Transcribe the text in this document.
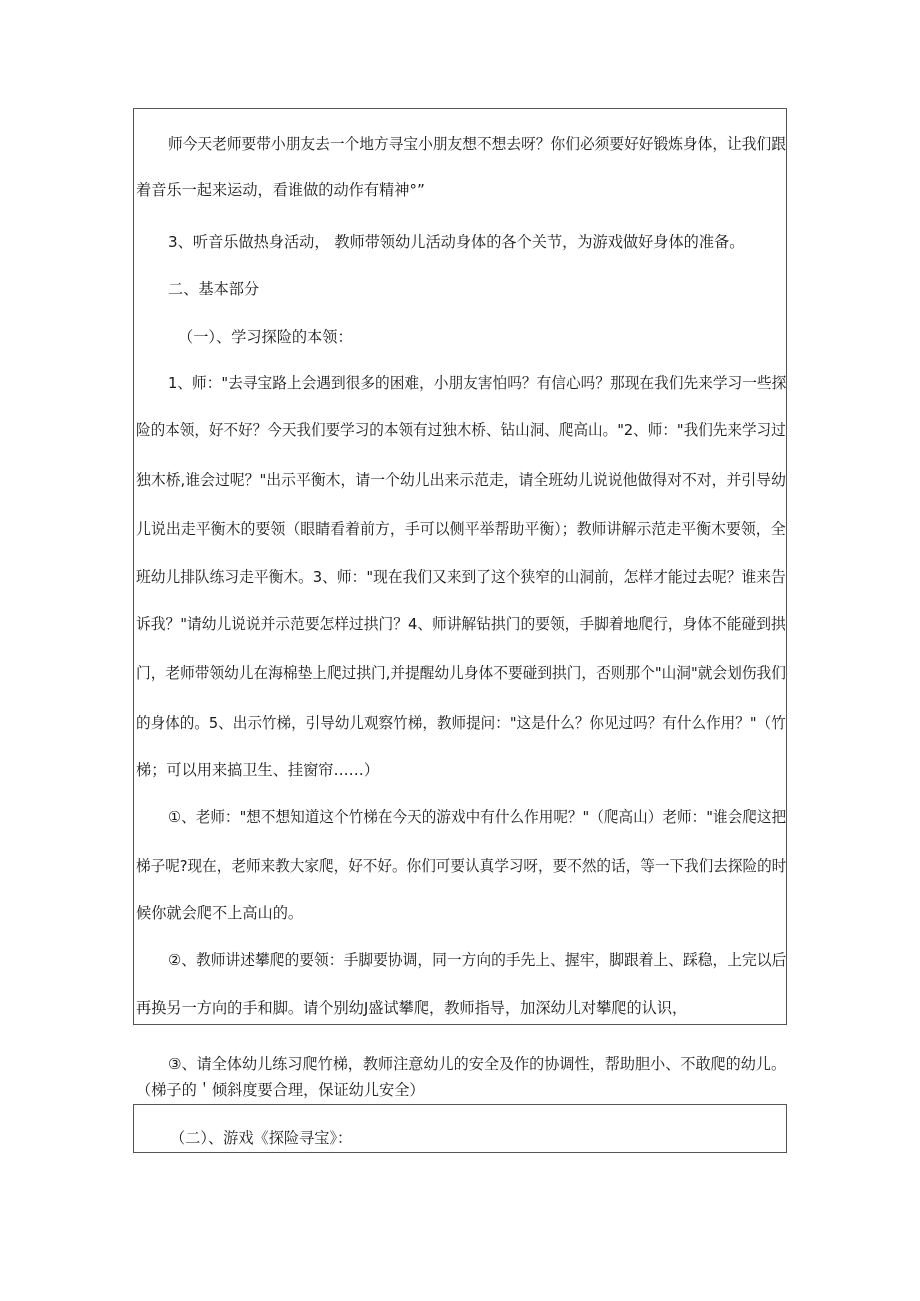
师今天老师要带小朋友去一个地方寻宝小朋友想不想去呀？你们必须要好好锻炼身体，让我们跟
着音乐一起来运动，看谁做的动作有精神°”
3、听音乐做热身活动， 教师带领幼儿活动身体的各个关节，为游戏做好身体的准备。
二、基本部分
（一）、学习探险的本领：
1、师："去寻宝路上会遇到很多的困难，小朋友害怕吗？有信心吗？那现在我们先来学习一些探
险的本领，好不好？今天我们要学习的本领有过独木桥、钻山洞、爬高山。"2、师："我们先来学习过
独木桥,谁会过呢？"出示平衡木，请一个幼儿出来示范走，请全班幼儿说说他做得对不对，并引导幼
儿说出走平衡木的要领（眼睛看着前方，手可以侧平举帮助平衡）；教师讲解示范走平衡木要领，全
班幼儿排队练习走平衡木。3、师："现在我们又来到了这个狭窄的山洞前，怎样才能过去呢？谁来告
诉我？"请幼儿说说并示范要怎样过拱门？4、师讲解钻拱门的要领，手脚着地爬行，身体不能碰到拱
门，老师带领幼儿在海棉垫上爬过拱门,并提醒幼儿身体不要碰到拱门，否则那个"山洞"就会划伤我们
的身体的。5、出示竹梯，引导幼儿观察竹梯，教师提问："这是什么？你见过吗？有什么作用？"（竹
梯；可以用来搞卫生、挂窗帘……）
①、老师："想不想知道这个竹梯在今天的游戏中有什么作用呢？"（爬高山）老师："谁会爬这把
梯子呢?现在，老师来教大家爬，好不好。你们可要认真学习呀，要不然的话，等一下我们去探险的时
候你就会爬不上高山的。
②、教师讲述攀爬的要领：手脚要协调，同一方向的手先上、握牢，脚跟着上、踩稳，上完以后
再换另一方向的手和脚。请个别幼J盛试攀爬，教师指导，加深幼儿对攀爬的认识，
③、请全体幼儿练习爬竹梯，教师注意幼儿的安全及作的协调性，帮助胆小、不敢爬的幼儿。
（梯子的＇倾斜度要合理，保证幼儿安全）
（二）、游戏《探险寻宝》：
